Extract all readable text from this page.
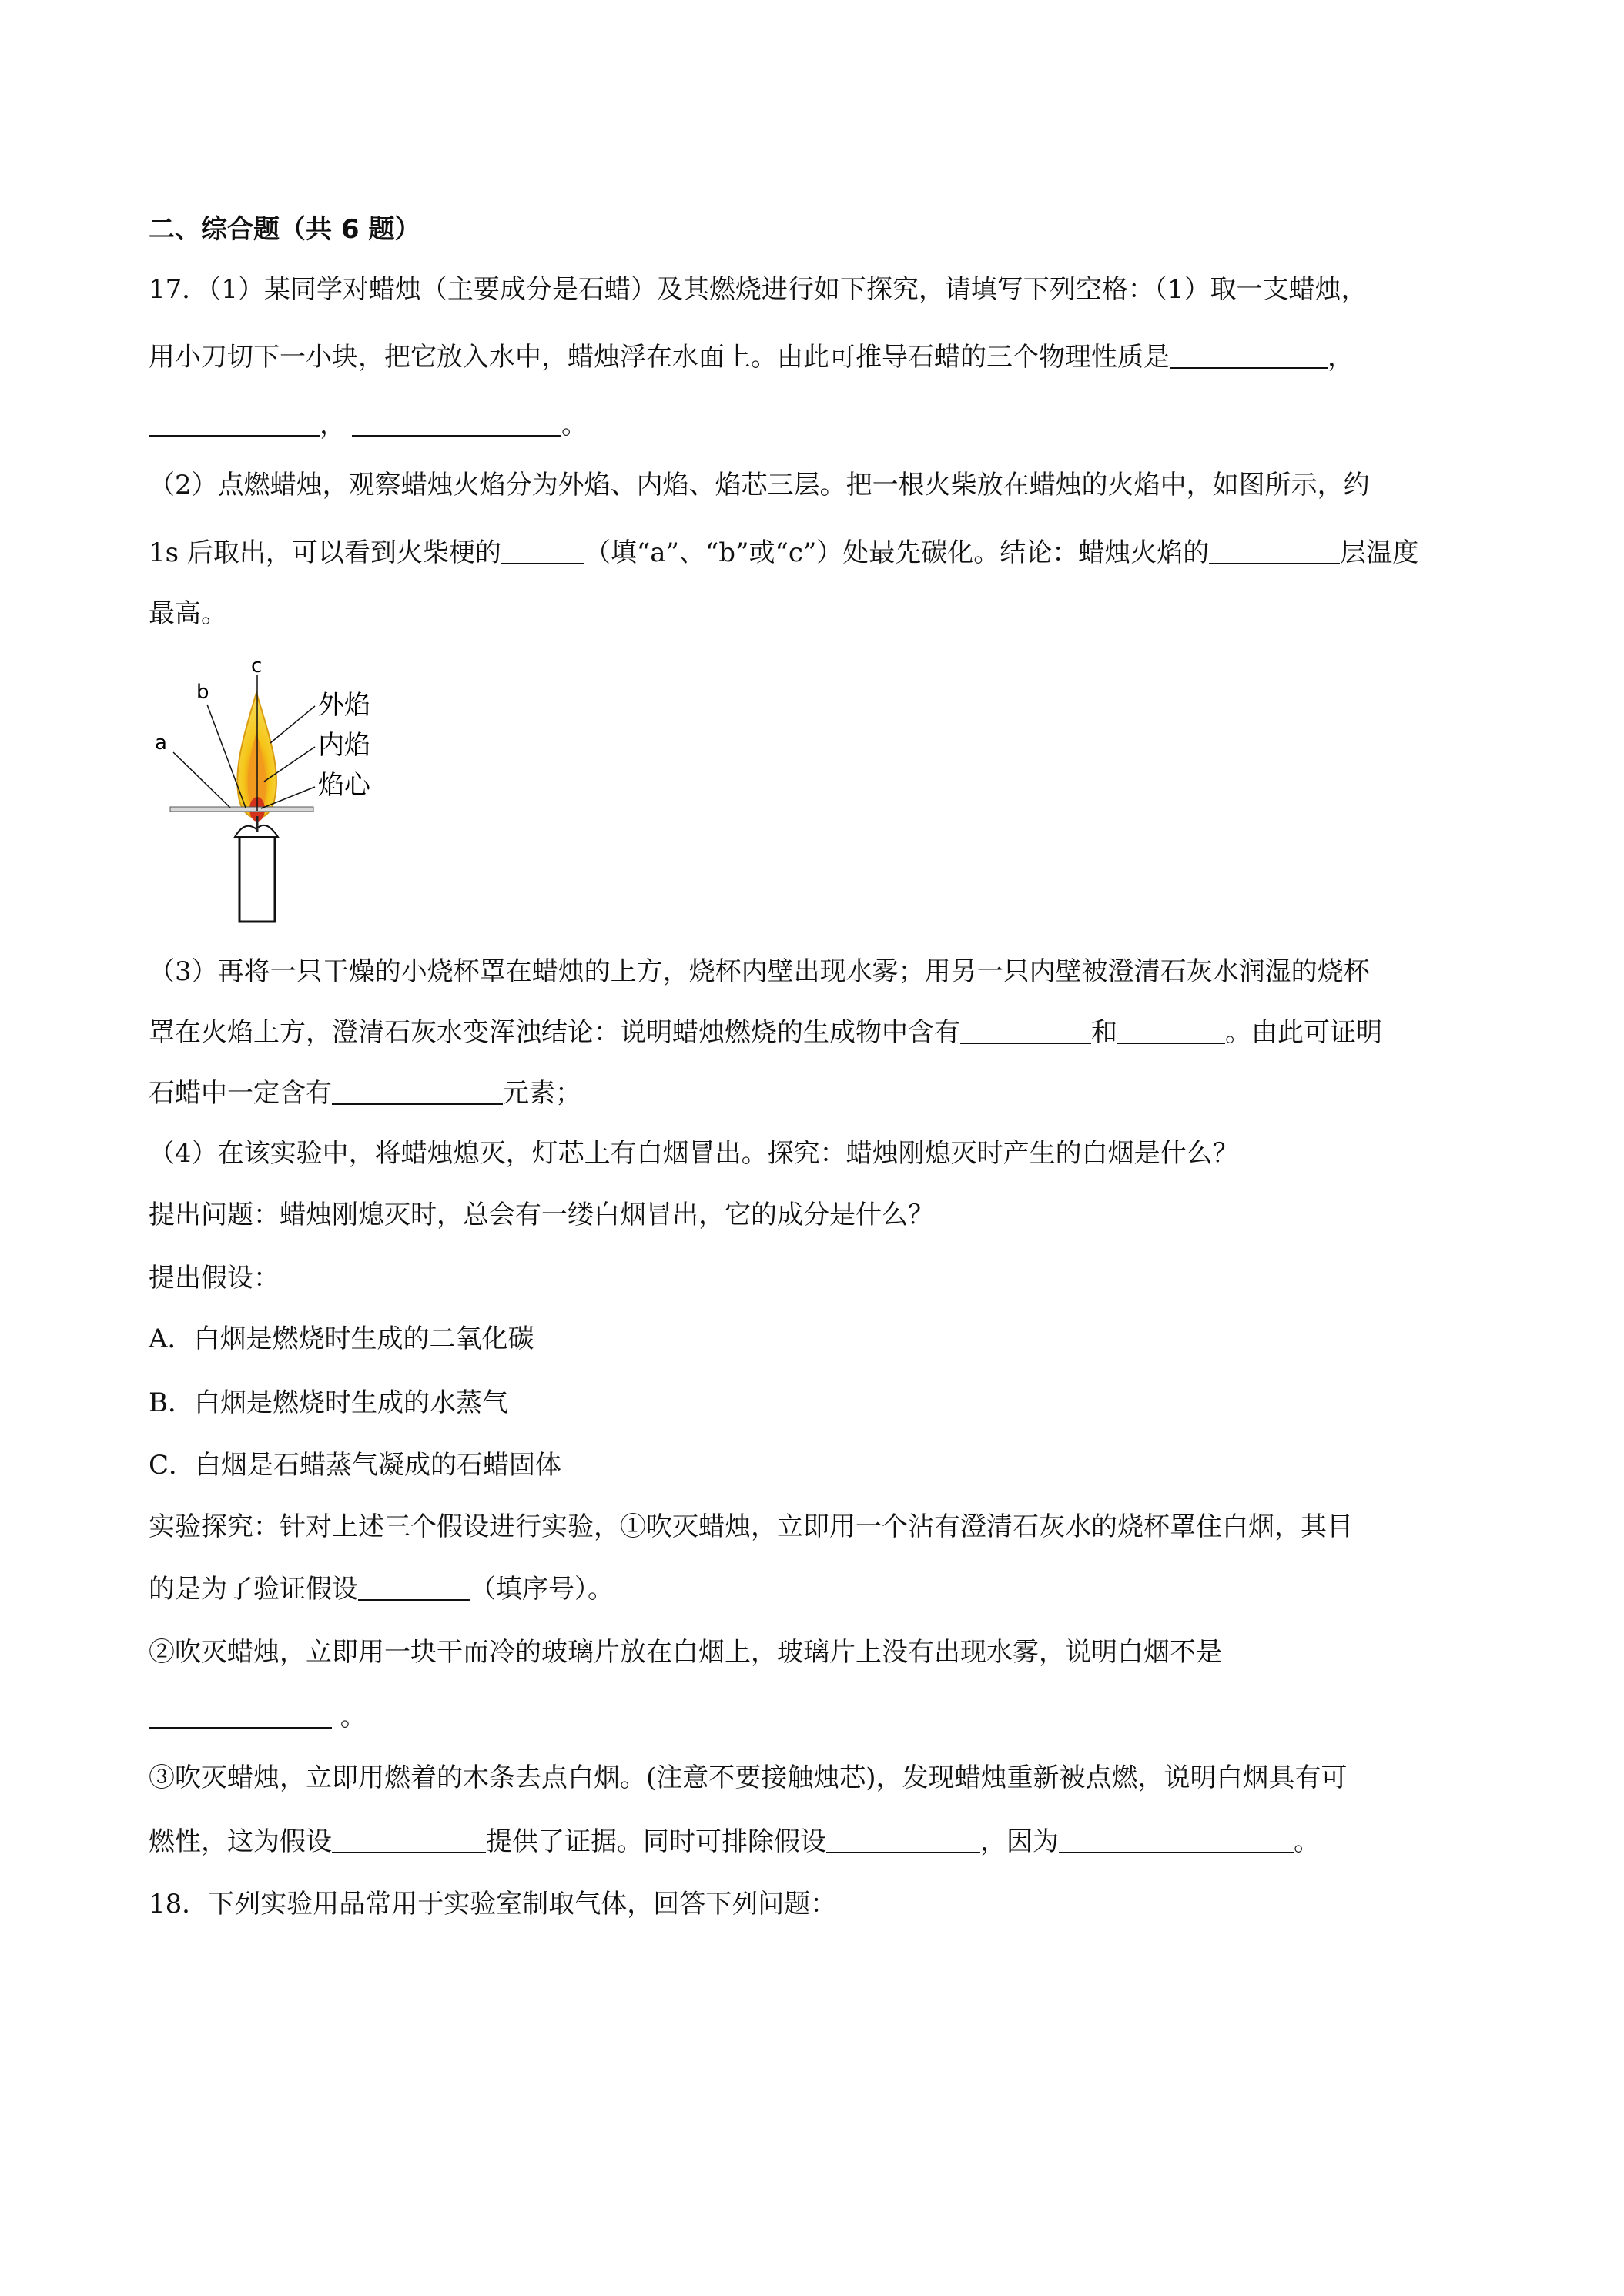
二、综合题（共 6 题）
17．（1）某同学对蜡烛（主要成分是石蜡）及其燃烧进行如下探究，请填写下列空格：（1）取一支蜡烛，
用小刀切下一小块，把它放入水中，蜡烛浮在水面上。由此可推导石蜡的三个物理性质是	，
，	。
（2）点燃蜡烛，观察蜡烛火焰分为外焰、内焰、焰芯三层。把一根火柴放在蜡烛的火焰中，如图所示，约
1s 后取出，可以看到火柴梗的	（填“a”、“b”或“c”）处最先碳化。结论：蜡烛火焰的	层温度
最高。
c
b
a
外焰
内焰
焰心
（3）再将一只干燥的小烧杯罩在蜡烛的上方，烧杯内壁出现水雾；用另一只内壁被澄清石灰水润湿的烧杯
罩在火焰上方，澄清石灰水变浑浊结论：说明蜡烛燃烧的生成物中含有	和	。由此可证明
石蜡中一定含有	元素；
（4）在该实验中，将蜡烛熄灭，灯芯上有白烟冒出。探究：蜡烛刚熄灭时产生的白烟是什么？
提出问题：蜡烛刚熄灭时，总会有一缕白烟冒出，它的成分是什么？
提出假设：
A．白烟是燃烧时生成的二氧化碳
B．白烟是燃烧时生成的水蒸气
C．白烟是石蜡蒸气凝成的石蜡固体
实验探究：针对上述三个假设进行实验，①吹灭蜡烛，立即用一个沾有澄清石灰水的烧杯罩住白烟，其目
的是为了验证假设	（填序号）。
②吹灭蜡烛，立即用一块干而冷的玻璃片放在白烟上，玻璃片上没有出现水雾，说明白烟不是
。
③吹灭蜡烛，立即用燃着的木条去点白烟。(注意不要接触烛芯)，发现蜡烛重新被点燃，说明白烟具有可
燃性，这为假设	提供了证据。同时可排除假设	，因为	。
18．下列实验用品常用于实验室制取气体，回答下列问题：
